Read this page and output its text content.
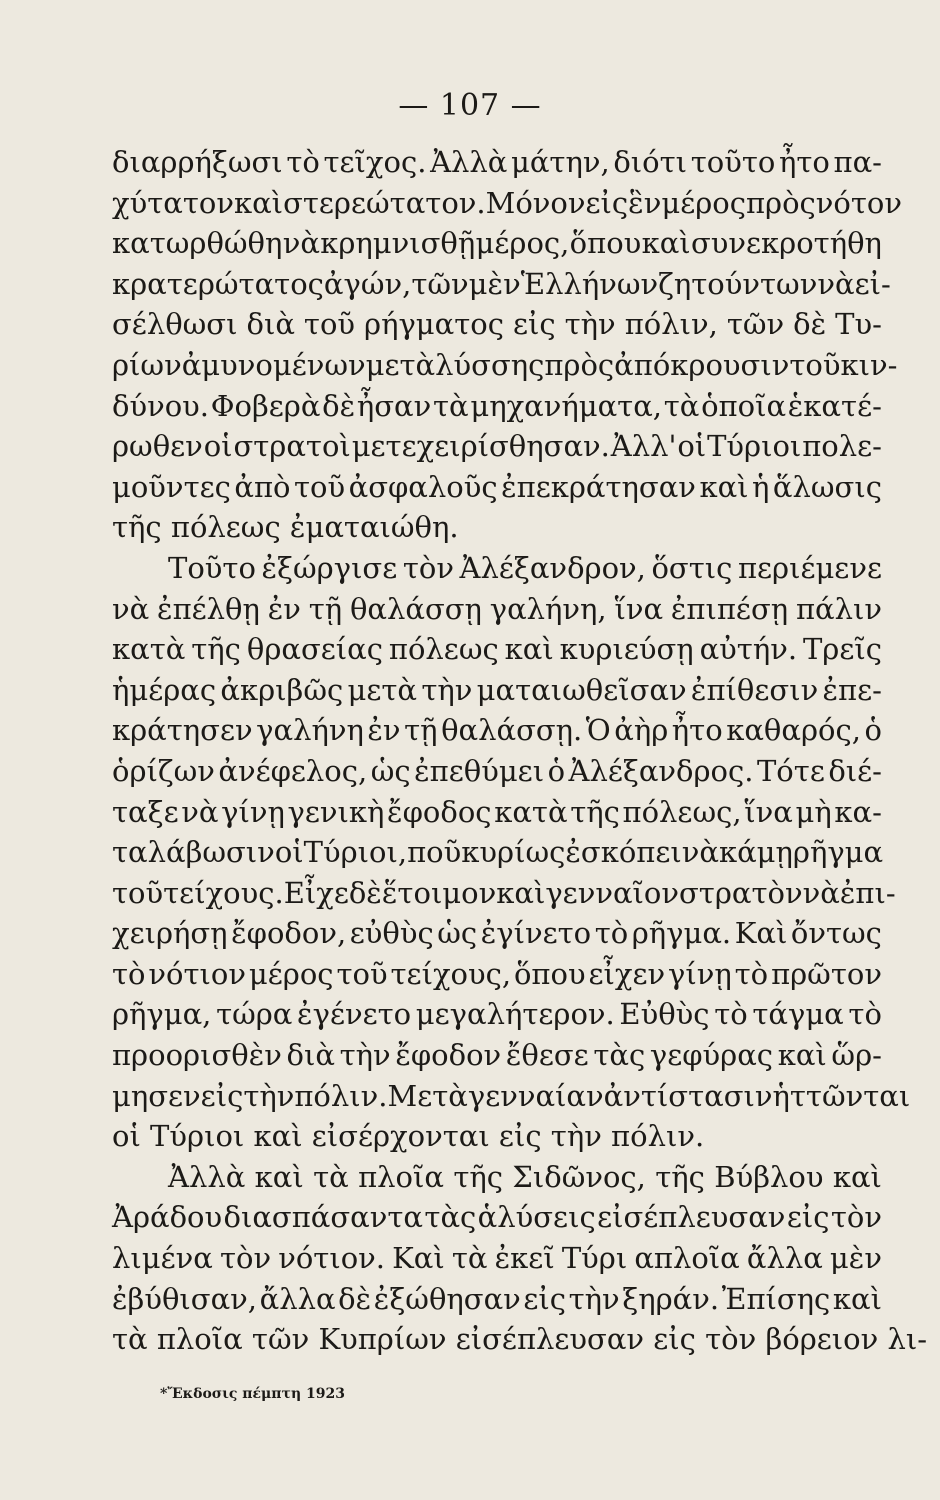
— 107 —
διαρρήξωσι τὸ τεῖχος. Ἀλλὰ μάτην, διότι τοῦτο ἦτο πα-
χύτατον καὶ στερεώτατον. Μόνον εἰς ἓν μέρος πρὸς νότον
κατωρθώθη νὰ κρημνισθῇ μέρος, ὅπου καὶ συνεκροτήθη
κρατερώτατος ἀγών, τῶν μὲν Ἑλλήνων ζητούντων νὰ εἰ-
σέλθωσι διὰ τοῦ ρήγματος εἰς τὴν πόλιν, τῶν δὲ Τυ-
ρίων ἀμυνομένων μετὰ λύσσης πρὸς ἀπόκρουσιν τοῦ κιν-
δύνου. Φοβερὰ δὲ ἦσαν τὰ μηχανήματα, τὰ ὁποῖα ἑκατέ-
ρωθεν οἱ στρατοὶ μετεχειρίσθησαν. Ἀλλ' οἱ Τύριοι πολε-
μοῦντες ἀπὸ τοῦ ἀσφαλοῦς ἐπεκράτησαν καὶ ἡ ἅλωσις
τῆς πόλεως ἐματαιώθη.
Τοῦτο ἐξώργισε τὸν Ἀλέξανδρον, ὅστις περιέμενε
νὰ ἐπέλθῃ ἐν τῇ θαλάσσῃ γαλήνη, ἵνα ἐπιπέσῃ πάλιν
κατὰ τῆς θρασείας πόλεως καὶ κυριεύσῃ αὐτήν. Τρεῖς
ἡμέρας ἀκριβῶς μετὰ τὴν ματαιωθεῖσαν ἐπίθεσιν ἐπε-
κράτησεν γαλήνη ἐν τῇ θαλάσσῃ. Ὁ ἀὴρ ἦτο καθαρός, ὁ
ὁρίζων ἀνέφελος, ὡς ἐπεθύμει ὁ Ἀλέξανδρος. Τότε διέ-
ταξε νὰ γίνῃ γενικὴ ἔφοδος κατὰ τῆς πόλεως, ἵνα μὴ κα-
ταλάβωσιν οἱ Τύριοι, ποῦ κυρίως ἐσκόπει νὰ κάμῃ ρῆγμα
τοῦ τείχους. Εἶχε δὲ ἕτοιμον καὶ γενναῖον στρατὸν νὰ ἐπι-
χειρήσῃ ἔφοδον, εὐθὺς ὡς ἐγίνετο τὸ ρῆγμα. Καὶ ὄντως
τὸ νότιον μέρος τοῦ τείχους, ὅπου εἶχεν γίνῃ τὸ πρῶτον
ρῆγμα, τώρα ἐγένετο μεγαλήτερον. Εὐθὺς τὸ τάγμα τὸ
προορισθὲν διὰ τὴν ἔφοδον ἔθεσε τὰς γεφύρας καὶ ὥρ-
μησεν εἰς τὴν πόλιν. Μετὰ γενναίαν ἀντίστασιν ἡττῶνται
οἱ Τύριοι καὶ εἰσέρχονται εἰς τὴν πόλιν.
Ἀλλὰ καὶ τὰ πλοῖα τῆς Σιδῶνος, τῆς Βύβλου καὶ
Ἀράδου διασπάσαντα τὰς ἁλύσεις εἰσέπλευσαν εἰς τὸν
λιμένα τὸν νότιον. Καὶ τὰ ἐκεῖ Τύρι απλοῖα ἄλλα μὲν
ἐβύθισαν, ἄλλα δὲ ἐξώθησαν εἰς τὴν ξηράν. Ἐπίσης καὶ
τὰ πλοῖα τῶν Κυπρίων εἰσέπλευσαν εἰς τὸν βόρειον λι-
*Ἔκδοσις πέμπτη 1923
